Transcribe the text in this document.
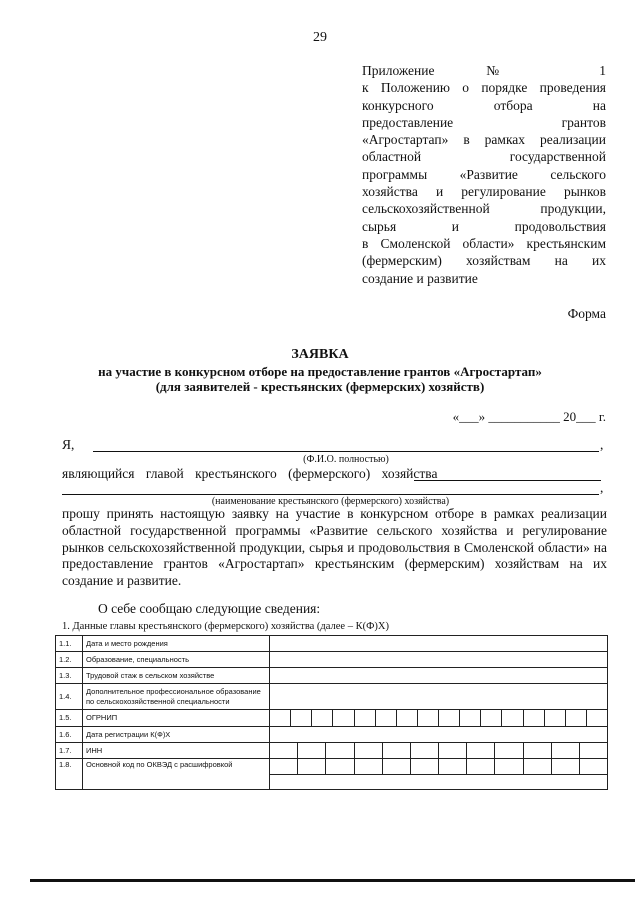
29
Приложение № 1
к Положению о порядке проведения
конкурсного отбора на
предоставление грантов
«Агростартап» в рамках реализации
областной государственной
программы «Развитие сельского
хозяйства и регулирование рынков
сельскохозяйственной продукции,
сырья и продовольствия
в Смоленской области» крестьянским
(фермерским) хозяйствам на их
создание и развитие
Форма
ЗАЯВКА
на участие в конкурсном отборе на предоставление грантов «Агростартап»
(для заявителей - крестьянских (фермерских) хозяйств)
«___» ___________ 20___ г.
Я,	,
(Ф.И.О. полностью)
являющийся главой крестьянского (фермерского) хозяйства
,
(наименование крестьянского (фермерского) хозяйства)
прошу принять настоящую заявку на участие в конкурсном отборе в рамках реализации областной государственной программы «Развитие сельского хозяйства и регулирование рынков сельскохозяйственной продукции, сырья и продовольствия в Смоленской области» на предоставление грантов «Агростартап» крестьянским (фермерским) хозяйствам на их создание и развитие.
О себе сообщаю следующие сведения:
1. Данные главы крестьянского (фермерского) хозяйства (далее – К(Ф)Х)
1.1.	Дата и место рождения	
1.2.	Образование, специальность	
1.3.	Трудовой стаж в сельском хозяйстве	
1.4.	Дополнительное профессиональное образование по сельскохозяйственной специальности	
1.5.	ОГРНИП	

1.6.	Дата регистрации К(Ф)Х	
1.7.	ИНН	

1.8.	Основной код по ОКВЭД с расшифровкой	
